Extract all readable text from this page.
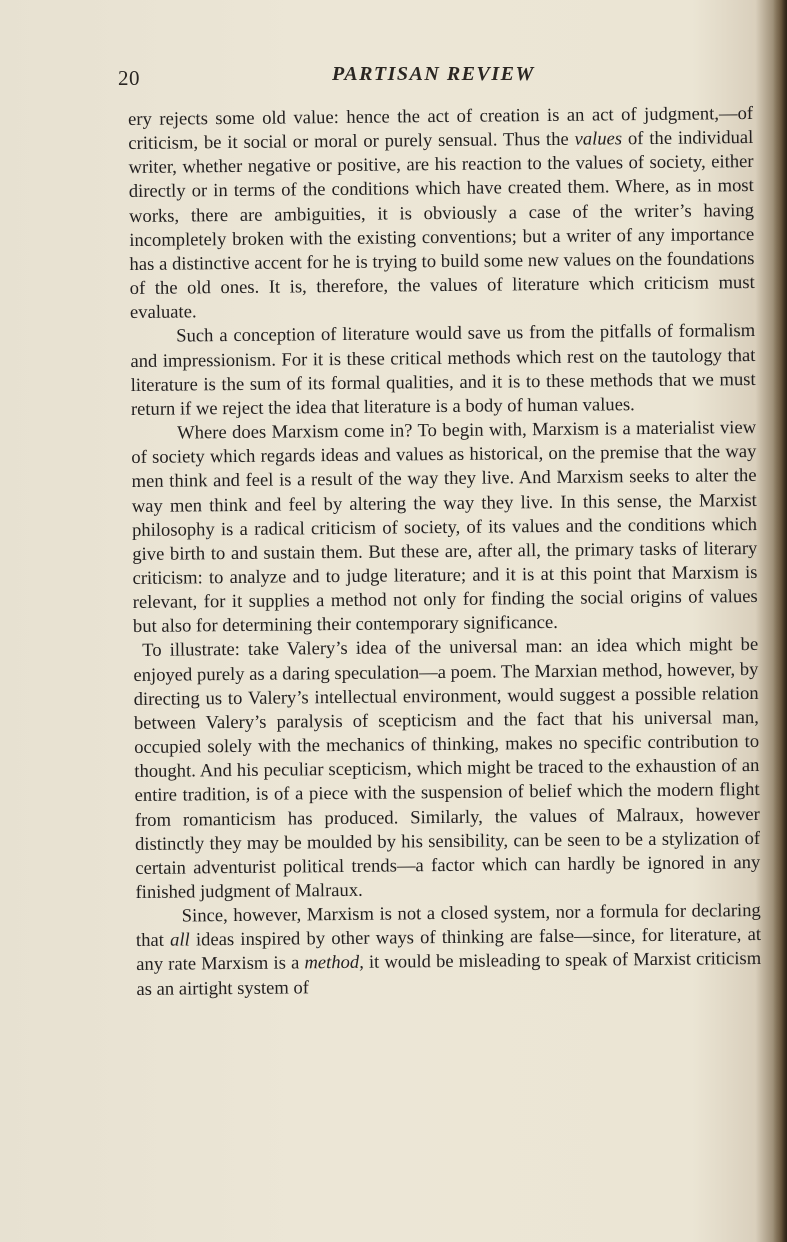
20	PARTISAN REVIEW

ery rejects some old value: hence the act of creation is an act of judgment,—of criticism, be it social or moral or purely sensual. Thus the values of the individual writer, whether negative or positive, are his reaction to the values of society, either directly or in terms of the conditions which have created them. Where, as in most works, there are ambiguities, it is obviously a case of the writer’s having incompletely broken with the existing conventions; but a writer of any importance has a distinctive accent for he is trying to build some new values on the foundations of the old ones. It is, therefore, the values of literature which criticism must evaluate.

Such a conception of literature would save us from the pitfalls of formalism and impressionism. For it is these critical methods which rest on the tautology that literature is the sum of its formal qualities, and it is to these methods that we must return if we reject the idea that literature is a body of human values.

Where does Marxism come in? To begin with, Marxism is a materialist view of society which regards ideas and values as historical, on the premise that the way men think and feel is a result of the way they live. And Marxism seeks to alter the way men think and feel by altering the way they live. In this sense, the Marxist philosophy is a radical criticism of society, of its values and the conditions which give birth to and sustain them. But these are, after all, the primary tasks of literary criticism: to analyze and to judge literature; and it is at this point that Marxism is relevant, for it supplies a method not only for finding the social origins of values but also for determining their contemporary significance.

To illustrate: take Valery’s idea of the universal man: an idea which might be enjoyed purely as a daring speculation—a poem. The Marxian method, however, by directing us to Valery’s intellectual environment, would suggest a possible relation between Valery’s paralysis of scepticism and the fact that his universal man, occupied solely with the mechanics of thinking, makes no specific contribution to thought. And his peculiar scepticism, which might be traced to the exhaustion of an entire tradition, is of a piece with the suspension of belief which the modern flight from romanticism has produced. Similarly, the values of Malraux, however distinctly they may be moulded by his sensibility, can be seen to be a stylization of certain adventurist political trends—a factor which can hardly be ignored in any finished judgment of Malraux.

Since, however, Marxism is not a closed system, nor a formula for declaring that all ideas inspired by other ways of thinking are false—since, for literature, at any rate Marxism is a method, it would be misleading to speak of Marxist criticism as an airtight system of
